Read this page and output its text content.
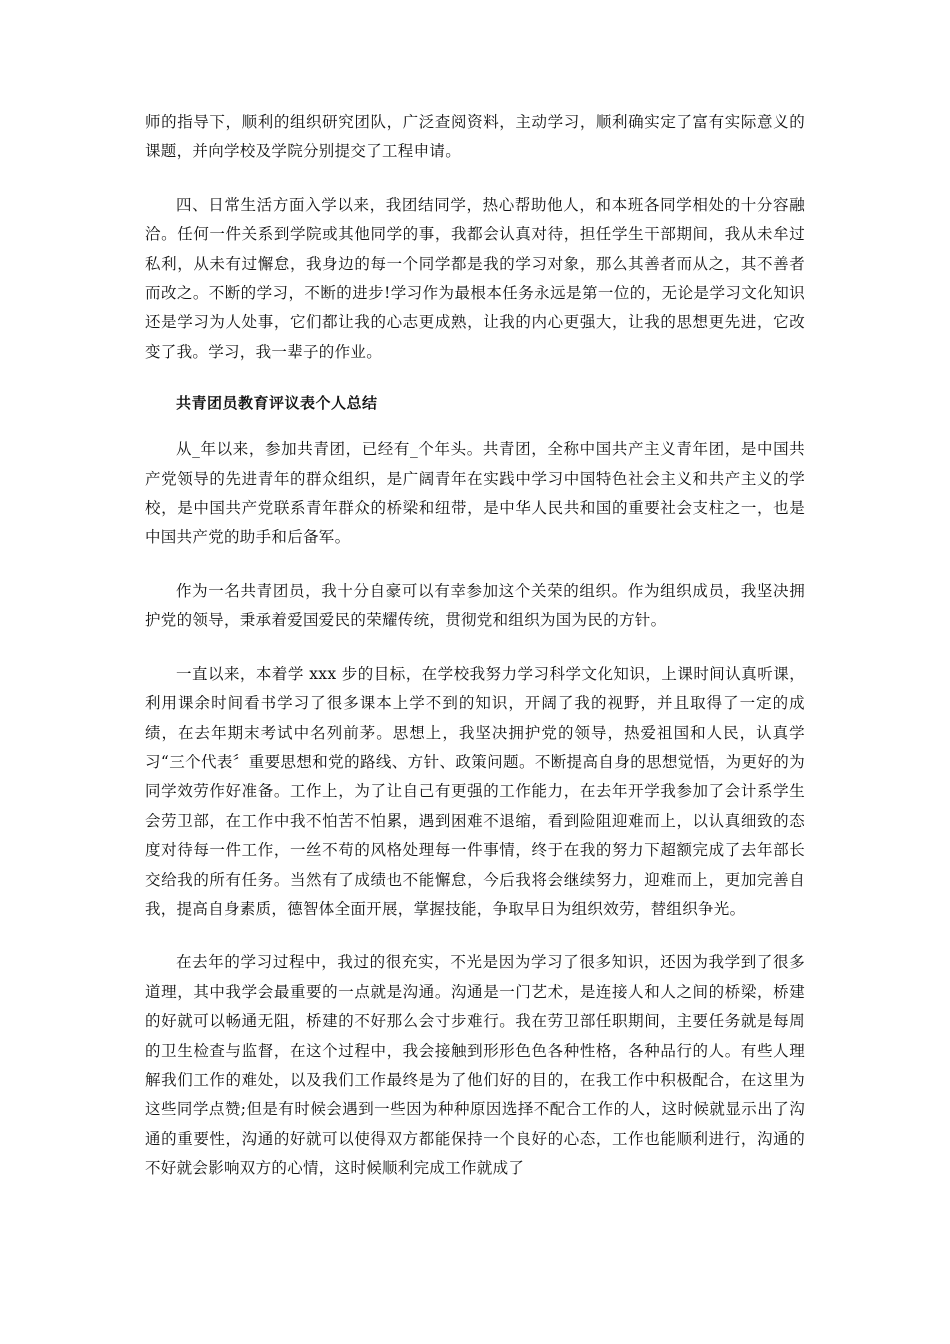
师的指导下，顺利的组织研究团队，广泛查阅资料，主动学习，顺利确实定了富有实际意义的课题，并向学校及学院分别提交了工程申请。

四、日常生活方面入学以来，我团结同学，热心帮助他人，和本班各同学相处的十分容融洽。任何一件关系到学院或其他同学的事，我都会认真对待，担任学生干部期间，我从未牟过私利，从未有过懈怠，我身边的每一个同学都是我的学习对象，那么其善者而从之，其不善者而改之。不断的学习，不断的进步!学习作为最根本任务永远是第一位的，无论是学习文化知识还是学习为人处事，它们都让我的心志更成熟，让我的内心更强大，让我的思想更先进，它改变了我。学习，我一辈子的作业。

共青团员教育评议表个人总结

从_年以来，参加共青团，已经有_个年头。共青团，全称中国共产主义青年团，是中国共产党领导的先进青年的群众组织，是广阔青年在实践中学习中国特色社会主义和共产主义的学校，是中国共产党联系青年群众的桥梁和纽带，是中华人民共和国的重要社会支柱之一，也是中国共产党的助手和后备军。

作为一名共青团员，我十分自豪可以有幸参加这个关荣的组织。作为组织成员，我坚决拥护党的领导，秉承着爱国爱民的荣耀传统，贯彻党和组织为国为民的方针。

一直以来，本着学 xxx 步的目标，在学校我努力学习科学文化知识，上课时间认真听课，利用课余时间看书学习了很多课本上学不到的知识，开阔了我的视野，并且取得了一定的成绩，在去年期末考试中名列前茅。思想上，我坚决拥护党的领导，热爱祖国和人民，认真学习“三个代表〞重要思想和党的路线、方针、政策问题。不断提高自身的思想觉悟，为更好的为同学效劳作好准备。工作上，为了让自己有更强的工作能力，在去年开学我参加了会计系学生会劳卫部，在工作中我不怕苦不怕累，遇到困难不退缩，看到险阻迎难而上，以认真细致的态度对待每一件工作，一丝不苟的风格处理每一件事情，终于在我的努力下超额完成了去年部长交给我的所有任务。当然有了成绩也不能懈怠，今后我将会继续努力，迎难而上，更加完善自我，提高自身素质，德智体全面开展，掌握技能，争取早日为组织效劳，替组织争光。

在去年的学习过程中，我过的很充实，不光是因为学习了很多知识，还因为我学到了很多道理，其中我学会最重要的一点就是沟通。沟通是一门艺术，是连接人和人之间的桥梁，桥建的好就可以畅通无阻，桥建的不好那么会寸步难行。我在劳卫部任职期间，主要任务就是每周的卫生检查与监督，在这个过程中，我会接触到形形色色各种性格，各种品行的人。有些人理解我们工作的难处，以及我们工作最终是为了他们好的目的，在我工作中积极配合，在这里为这些同学点赞;但是有时候会遇到一些因为种种原因选择不配合工作的人，这时候就显示出了沟通的重要性，沟通的好就可以使得双方都能保持一个良好的心态，工作也能顺利进行，沟通的不好就会影响双方的心情，这时候顺利完成工作就成了
